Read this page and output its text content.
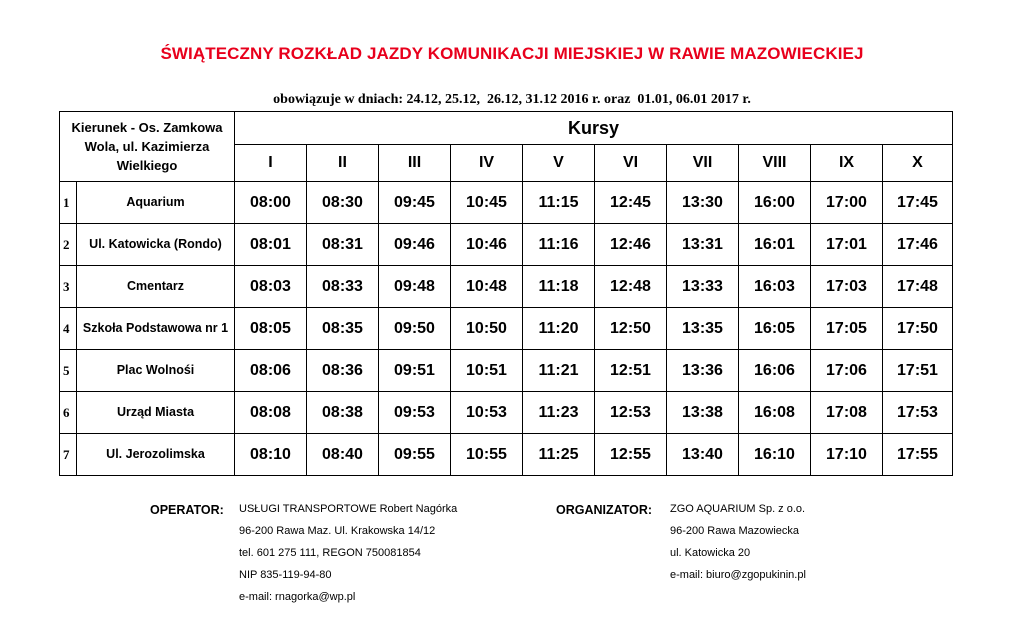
ŚWIĄTECZNY ROZKŁAD JAZDY KOMUNIKACJI MIEJSKIEJ W RAWIE MAZOWIECKIEJ
obowiązuje w dniach: 24.12, 25.12,  26.12, 31.12 2016 r. oraz  01.01, 06.01 2017 r.
Kierunek - Os. Zamkowa Wola, ul. Kazimierza Wielkiego		Kursy									
		I	II	III	IV	V	VI	VII	VIII	IX	X
1	Aquarium	08:00	08:30	09:45	10:45	11:15	12:45	13:30	16:00	17:00	17:45
2	Ul. Katowicka (Rondo)	08:01	08:31	09:46	10:46	11:16	12:46	13:31	16:01	17:01	17:46
3	Cmentarz	08:03	08:33	09:48	10:48	11:18	12:48	13:33	16:03	17:03	17:48
4	Szkoła Podstawowa nr 1	08:05	08:35	09:50	10:50	11:20	12:50	13:35	16:05	17:05	17:50
5	Plac Wolnośi	08:06	08:36	09:51	10:51	11:21	12:51	13:36	16:06	17:06	17:51
6	Urząd Miasta	08:08	08:38	09:53	10:53	11:23	12:53	13:38	16:08	17:08	17:53
7	Ul. Jerozolimska	08:10	08:40	09:55	10:55	11:25	12:55	13:40	16:10	17:10	17:55
OPERATOR: USŁUGI TRANSPORTOWE Robert Nagórka
96-200 Rawa Maz. Ul. Krakowska 14/12
tel. 601 275 111, REGON 750081854
NIP 835-119-94-80
e-mail: rnagorka@wp.pl
ORGANIZATOR: ZGO AQUARIUM Sp. z o.o.
96-200 Rawa Mazowiecka
ul. Katowicka 20
e-mail: biuro@zgopukinin.pl
